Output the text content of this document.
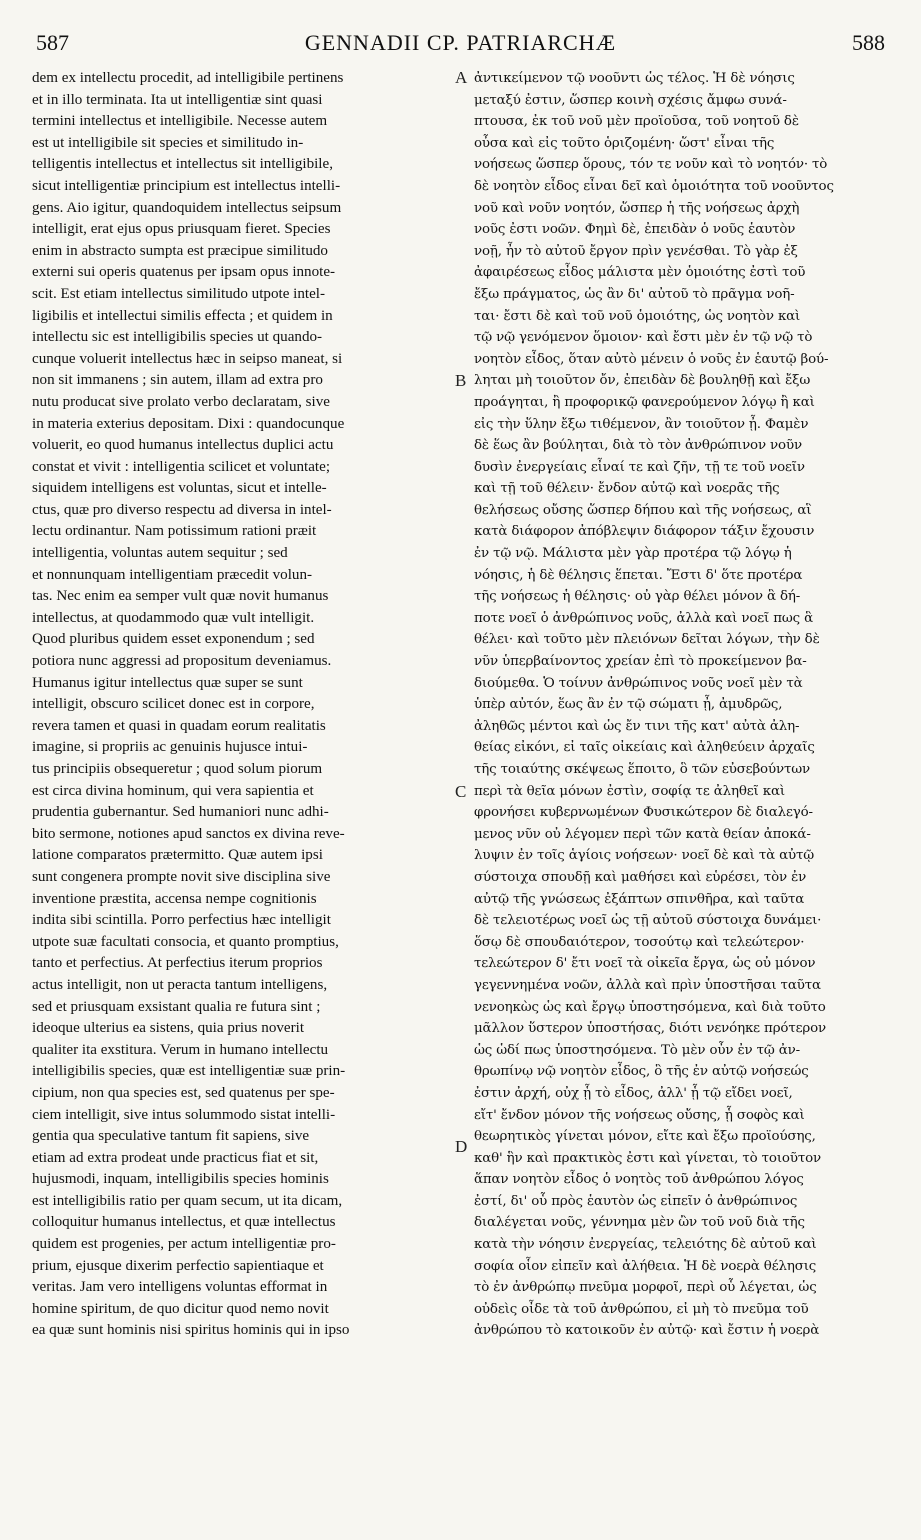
587	GENNADII CP. PATRIARCHÆ	588
dem ex intellectu procedit, ad intelligibile pertinens
et in illo terminata. Ita ut intelligentiæ sint quasi
termini intellectus et intelligibile. Necesse autem
est ut intelligibile sit species et similitudo in-
telligentis intellectus et intellectus sit intelligibile,
sicut intelligentiæ principium est intellectus intelli-
gens. Aio igitur, quandoquidem intellectus seipsum
intelligit, erat ejus opus priusquam fieret. Species
enim in abstracto sumpta est præcipue similitudo
externi sui operis quatenus per ipsam opus innote-
scit. Est etiam intellectus similitudo utpote intel-
ligibilis et intellectui similis effecta ; et quidem in
intellectu sic est intelligibilis species ut quando-
cunque voluerit intellectus hæc in seipso maneat, si
non sit immanens ; sin autem, illam ad extra pro
nutu producat sive prolato verbo declaratam, sive
in materia exterius depositam. Dixi : quandocunque
voluerit, eo quod humanus intellectus duplici actu
constat et vivit : intelligentia scilicet et voluntate;
siquidem intelligens est voluntas, sicut et intelle-
ctus, quæ pro diverso respectu ad diversa in intel-
lectu ordinantur. Nam potissimum rationi præit
intelligentia, voluntas autem sequitur ; sed
et nonnunquam intelligentiam præcedit volun-
tas. Nec enim ea semper vult quæ novit humanus
intellectus, at quodammodo quæ vult intelligit.
Quod pluribus quidem esset exponendum ; sed
potiora nunc aggressi ad propositum deveniamus.
Humanus igitur intellectus quæ super se sunt
intelligit, obscuro scilicet donec est in corpore,
revera tamen et quasi in quadam eorum realitatis
imagine, si propriis ac genuinis hujusce intui-
tus principiis obsequeretur ; quod solum piorum
est circa divina hominum, qui vera sapientia et
prudentia gubernantur. Sed humaniori nunc adhi-
bito sermone, notiones apud sanctos ex divina reve-
latione comparatos prætermitto. Quæ autem ipsi
sunt congenera prompte novit sive disciplina sive
inventione præstita, accensa nempe cognitionis
indita sibi scintilla. Porro perfectius hæc intelligit
utpote suæ facultati consocia, et quanto promptius,
tanto et perfectius. At perfectius iterum proprios
actus intelligit, non ut peracta tantum intelligens,
sed et priusquam exsistant qualia re futura sint ;
ideoque ulterius ea sistens, quia prius noverit
qualiter ita exstitura. Verum in humano intellectu
intelligibilis species, quæ est intelligentiæ suæ prin-
cipium, non qua species est, sed quatenus per spe-
ciem intelligit, sive intus solummodo sistat intelli-
gentia qua speculative tantum fit sapiens, sive
etiam ad extra prodeat unde practicus fiat et sit,
hujusmodi, inquam, intelligibilis species hominis
est intelligibilis ratio per quam secum, ut ita dicam,
colloquitur humanus intellectus, et quæ intellectus
quidem est progenies, per actum intelligentiæ pro-
prium, ejusque dixerim perfectio sapientiaque et
veritas. Jam vero intelligens voluntas efformat in
homine spiritum, de quo dicitur quod nemo novit
ea quæ sunt hominis nisi spiritus hominis qui in ipso
ἀντικείμενον τῷ νοοῦντι ὡς τέλος. Ἡ δὲ νόησις
μεταξύ ἐστιν, ὥσπερ κοινὴ σχέσις ἄμφω συνά-
πτουσα, ἐκ τοῦ νοῦ μὲν προϊοῦσα, τοῦ νοητοῦ δὲ
οὖσα καὶ εἰς τοῦτο ὁριζομένη· ὥστ' εἶναι τῆς
νοήσεως ὥσπερ ὅρους, τόν τε νοῦν καὶ τὸ νοητόν· τὸ
δὲ νοητὸν εἶδος εἶναι δεῖ καὶ ὁμοιότητα τοῦ νοοῦντος
νοῦ καὶ νοῦν νοητόν, ὥσπερ ἡ τῆς νοήσεως ἀρχὴ
νοῦς ἐστι νοῶν. Φημὶ δὲ, ἐπειδὰν ὁ νοῦς ἑαυτὸν
νοῇ, ἦν τὸ αὐτοῦ ἔργον πρὶν γενέσθαι. Τὸ γὰρ ἐξ
ἀφαιρέσεως εἶδος μάλιστα μὲν ὁμοιότης ἐστὶ τοῦ
ἔξω πράγματος, ὡς ἂν δι' αὐτοῦ τὸ πρᾶγμα νοῆ-
ται· ἔστι δὲ καὶ τοῦ νοῦ ὁμοιότης, ὡς νοητὸν καὶ
τῷ νῷ γενόμενον ὅμοιον· καὶ ἔστι μὲν ἐν τῷ νῷ τὸ
νοητὸν εἶδος, ὅταν αὐτὸ μένειν ὁ νοῦς ἐν ἑαυτῷ βού-
ληται μὴ τοιοῦτον ὄν, ἐπειδὰν δὲ βουληθῇ καὶ ἔξω
προάγηται, ἢ προφορικῷ φανερούμενον λόγῳ ἢ καὶ
εἰς τὴν ὕλην ἔξω τιθέμενον, ἂν τοιοῦτον ᾖ. Φαμὲν
δὲ ἕως ἂν βούληται, διὰ τὸ τὸν ἀνθρώπινον νοῦν
δυσὶν ἐνεργείαις εἶναί τε καὶ ζῆν, τῇ τε τοῦ νοεῖν
καὶ τῇ τοῦ θέλειν· ἔνδον αὐτῷ καὶ νοερᾶς τῆς
θελήσεως οὔσης ὥσπερ δήπου καὶ τῆς νοήσεως, αἳ
κατὰ διάφορον ἀπόβλεψιν διάφορον τάξιν ἔχουσιν
ἐν τῷ νῷ. Μάλιστα μὲν γὰρ προτέρα τῷ λόγῳ ἡ
νόησις, ἡ δὲ θέλησις ἕπεται. Ἔστι δ' ὅτε προτέρα
τῆς νοήσεως ἡ θέλησις· οὐ γὰρ θέλει μόνον ἃ δή-
ποτε νοεῖ ὁ ἀνθρώπινος νοῦς, ἀλλὰ καὶ νοεῖ πως ἃ
θέλει· καὶ τοῦτο μὲν πλειόνων δεῖται λόγων, τὴν δὲ
νῦν ὑπερβαίνοντος χρείαν ἐπὶ τὸ προκείμενον βα-
διούμεθα. Ὁ τοίνυν ἀνθρώπινος νοῦς νοεῖ μὲν τὰ
ὑπὲρ αὐτόν, ἕως ἂν ἐν τῷ σώματι ᾖ, ἀμυδρῶς,
ἀληθῶς μέντοι καὶ ὡς ἔν τινι τῆς κατ' αὐτὰ ἀλη-
θείας εἰκόνι, εἰ ταῖς οἰκείαις καὶ ἀληθεύειν ἀρχαῖς
τῆς τοιαύτης σκέψεως ἕποιτο, ὃ τῶν εὐσεβούντων
περὶ τὰ θεῖα μόνων ἐστὶν, σοφίᾳ τε ἀληθεῖ καὶ
φρονήσει κυβερνωμένων Φυσικώτερον δὲ διαλεγό-
μενος νῦν οὐ λέγομεν περὶ τῶν κατὰ θείαν ἀποκά-
λυψιν ἐν τοῖς ἁγίοις νοήσεων· νοεῖ δὲ καὶ τὰ αὐτῷ
σύστοιχα σπουδῇ καὶ μαθήσει καὶ εὑρέσει, τὸν ἐν
αὐτῷ τῆς γνώσεως ἐξάπτων σπινθῆρα, καὶ ταῦτα
δὲ τελειοτέρως νοεῖ ὡς τῇ αὐτοῦ σύστοιχα δυνάμει·
ὅσῳ δὲ σπουδαιότερον, τοσούτῳ καὶ τελεώτερον·
τελεώτερον δ' ἔτι νοεῖ τὰ οἰκεῖα ἔργα, ὡς οὐ μόνον
γεγεννημένα νοῶν, ἀλλὰ καὶ πρὶν ὑποστῆσαι ταῦτα
νενοηκὼς ὡς καὶ ἔργῳ ὑποστησόμενα, καὶ διὰ τοῦτο
μᾶλλον ὕστερον ὑποστήσας, διότι νενόηκε πρότερον
ὡς ὡδί πως ὑποστησόμενα. Τὸ μὲν οὖν ἐν τῷ ἀν-
θρωπίνῳ νῷ νοητὸν εἶδος, ὃ τῆς ἐν αὐτῷ νοήσεώς
ἐστιν ἀρχή, οὐχ ᾗ τὸ εἶδος, ἀλλ' ᾗ τῷ εἴδει νοεῖ,
εἴτ' ἔνδον μόνον τῆς νοήσεως οὔσης, ᾗ σοφὸς καὶ
θεωρητικὸς γίνεται μόνον, εἴτε καὶ ἔξω προϊούσης,
καθ' ἣν καὶ πρακτικὸς ἐστι καὶ γίνεται, τὸ τοιοῦτον
ἅπαν νοητὸν εἶδος ὁ νοητὸς τοῦ ἀνθρώπου λόγος
ἐστί, δι' οὗ πρὸς ἑαυτὸν ὡς εἰπεῖν ὁ ἀνθρώπινος
διαλέγεται νοῦς, γέννημα μὲν ὢν τοῦ νοῦ διὰ τῆς
κατὰ τὴν νόησιν ἐνεργείας, τελειότης δὲ αὐτοῦ καὶ
σοφία οἷον εἰπεῖν καὶ ἀλήθεια. Ἡ δὲ νοερὰ θέλησις
τὸ ἐν ἀνθρώπῳ πνεῦμα μορφοῖ, περὶ οὗ λέγεται, ὡς
οὐδεὶς οἶδε τὰ τοῦ ἀνθρώπου, εἰ μὴ τὸ πνεῦμα τοῦ
ἀνθρώπου τὸ κατοικοῦν ἐν αὐτῷ· καὶ ἔστιν ἡ νοερὰ
A
B
C
D
